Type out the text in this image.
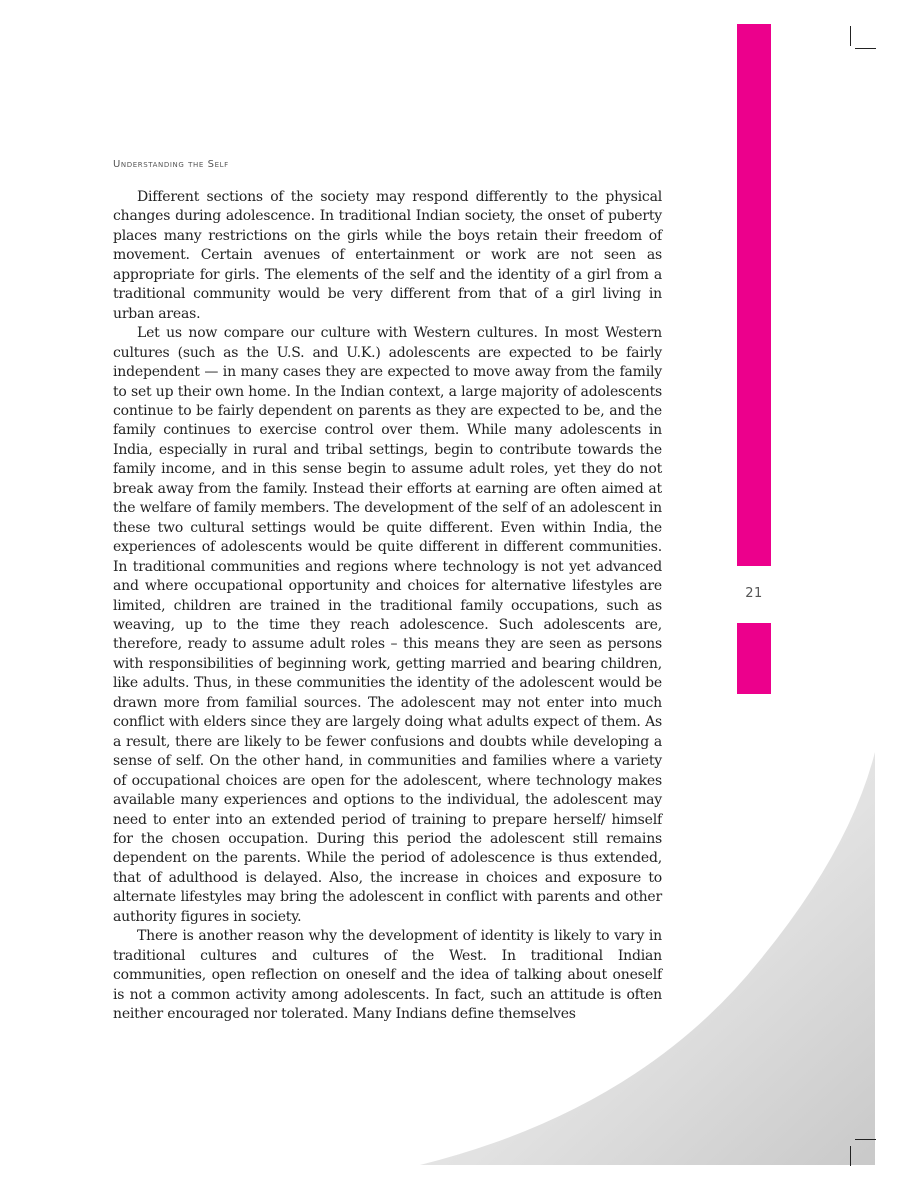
21
Understanding the Self

Different sections of the society may respond differently to the physical changes during adolescence. In traditional Indian society, the onset of puberty places many restrictions on the girls while the boys retain their freedom of movement. Certain avenues of entertainment or work are not seen as appropriate for girls. The elements of the self and the identity of a girl from a traditional community would be very different from that of a girl living in urban areas.

Let us now compare our culture with Western cultures. In most Western cultures (such as the U.S. and U.K.) adolescents are expected to be fairly independent — in many cases they are expected to move away from the family to set up their own home. In the Indian context, a large majority of adolescents continue to be fairly dependent on parents as they are expected to be, and the family continues to exercise control over them. While many adolescents in India, especially in rural and tribal settings, begin to contribute towards the family income, and in this sense begin to assume adult roles, yet they do not break away from the family. Instead their efforts at earning are often aimed at the welfare of family members. The development of the self of an adolescent in these two cultural settings would be quite different. Even within India, the experiences of adolescents would be quite different in different communities. In traditional communities and regions where technology is not yet advanced and where occupational opportunity and choices for alternative lifestyles are limited, children are trained in the traditional family occupations, such as weaving, up to the time they reach adolescence. Such adolescents are, therefore, ready to assume adult roles – this means they are seen as persons with responsibilities of beginning work, getting married and bearing children, like adults. Thus, in these communities the identity of the adolescent would be drawn more from familial sources. The adolescent may not enter into much conflict with elders since they are largely doing what adults expect of them. As a result, there are likely to be fewer confusions and doubts while developing a sense of self. On the other hand, in communities and families where a variety of occupational choices are open for the adolescent, where technology makes available many experiences and options to the individual, the adolescent may need to enter into an extended period of training to prepare herself/ himself for the chosen occupation. During this period the adolescent still remains dependent on the parents. While the period of adolescence is thus extended, that of adulthood is delayed. Also, the increase in choices and exposure to alternate lifestyles may bring the adolescent in conflict with parents and other authority figures in society.

There is another reason why the development of identity is likely to vary in traditional cultures and cultures of the West. In traditional Indian communities, open reflection on oneself and the idea of talking about oneself is not a common activity among adolescents. In fact, such an attitude is often neither encouraged nor tolerated. Many Indians define themselves
